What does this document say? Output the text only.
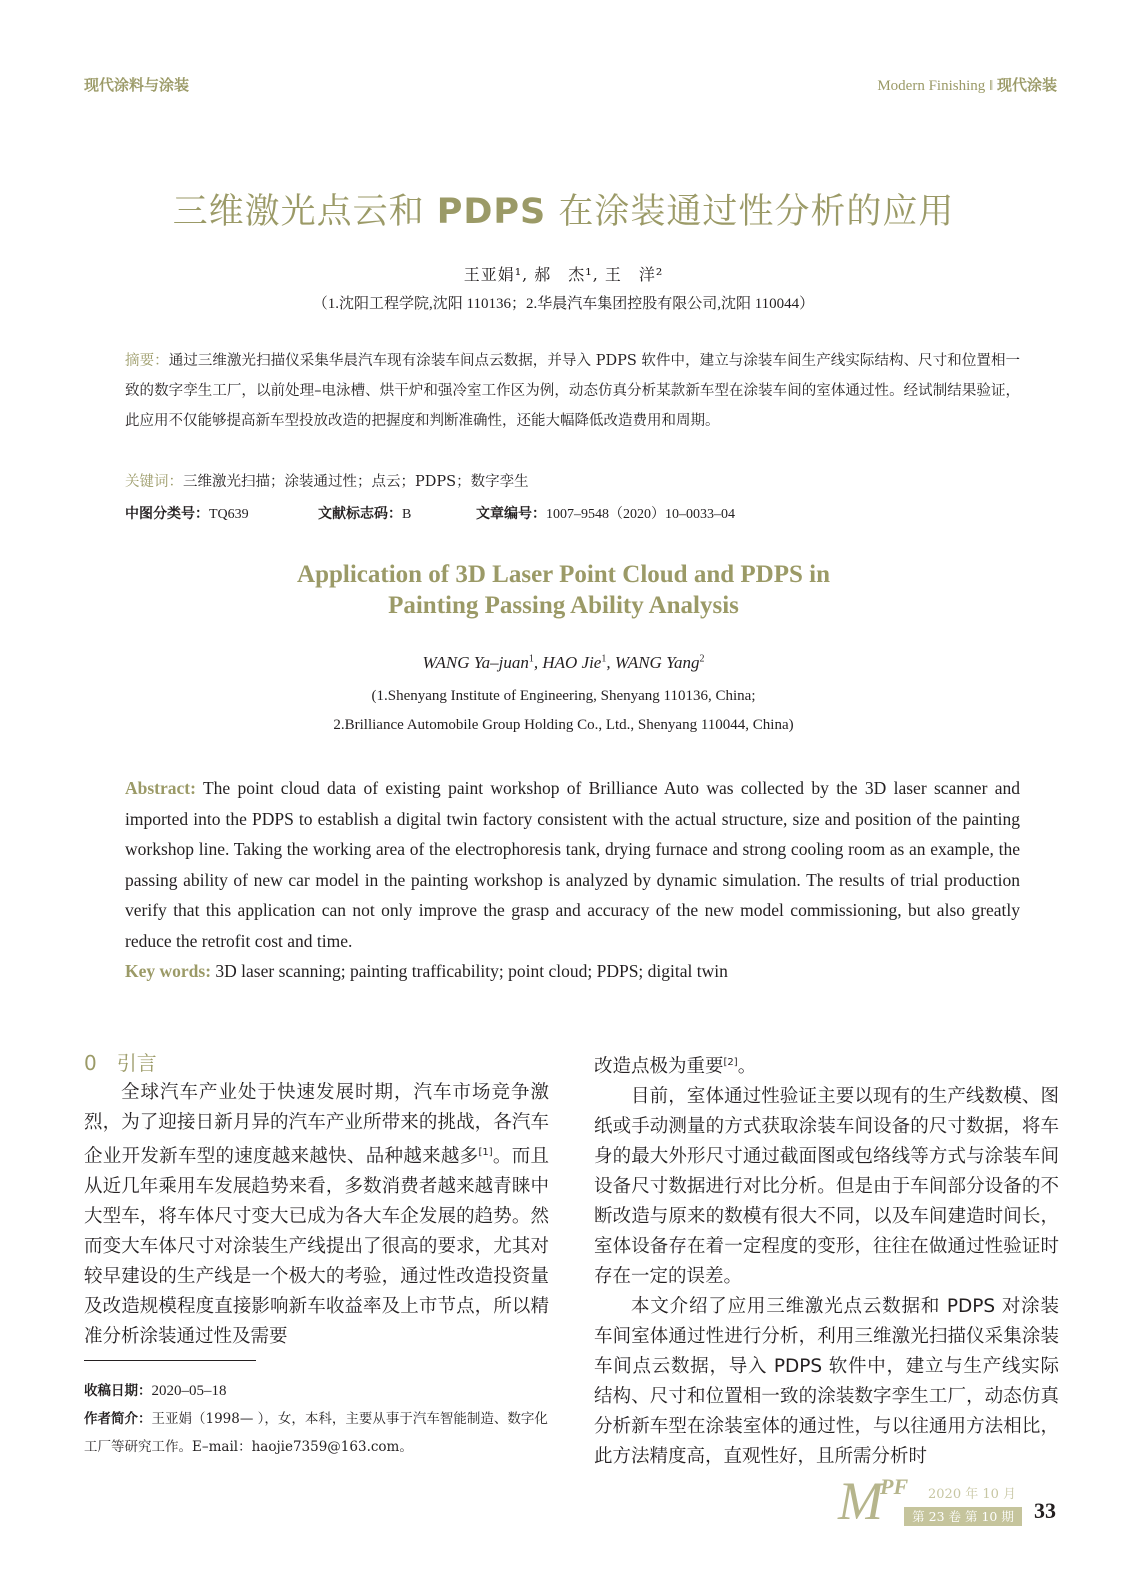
现代涂料与涂装	Modern Finishing ‖ 现代涂装
三维激光点云和 PDPS 在涂装通过性分析的应用
王亚娟¹, 郝　杰¹, 王　洋²
（1.沈阳工程学院,沈阳 110136；2.华晨汽车集团控股有限公司,沈阳 110044）
摘要：通过三维激光扫描仪采集华晨汽车现有涂装车间点云数据，并导入 PDPS 软件中，建立与涂装车间生产线实际结构、尺寸和位置相一致的数字孪生工厂，以前处理–电泳槽、烘干炉和强冷室工作区为例，动态仿真分析某款新车型在涂装车间的室体通过性。经试制结果验证，此应用不仅能够提高新车型投放改造的把握度和判断准确性，还能大幅降低改造费用和周期。
关键词：三维激光扫描；涂装通过性；点云；PDPS；数字孪生
中图分类号：TQ639	文献标志码：B	文章编号：1007–9548（2020）10–0033–04
Application of 3D Laser Point Cloud and PDPS in
Painting Passing Ability Analysis
WANG Ya–juan$^1$, HAO Jie$^1$, WANG Yang$^2$
(1.Shenyang Institute of Engineering, Shenyang 110136, China;
2.Brilliance Automobile Group Holding Co., Ltd., Shenyang 110044, China)
Abstract: The point cloud data of existing paint workshop of Brilliance Auto was collected by the 3D laser scanner and imported into the PDPS to establish a digital twin factory consistent with the actual structure, size and position of the painting workshop line. Taking the working area of the electrophoresis tank, drying furnace and strong cooling room as an example, the passing ability of new car model in the painting workshop is analyzed by dynamic simulation. The results of trial production verify that this application can not only improve the grasp and accuracy of the new model commissioning, but also greatly reduce the retrofit cost and time.
Key words: 3D laser scanning; painting trafficability; point cloud; PDPS; digital twin

0　引言

全球汽车产业处于快速发展时期，汽车市场竞争激烈，为了迎接日新月异的汽车产业所带来的挑战，各汽车企业开发新车型的速度越来越快、品种越来越多[1]。而且从近几年乘用车发展趋势来看，多数消费者越来越青睐中大型车，将车体尺寸变大已成为各大车企发展的趋势。然而变大车体尺寸对涂装生产线提出了很高的要求，尤其对较早建设的生产线是一个极大的考验，通过性改造投资量及改造规模程度直接影响新车收益率及上市节点，所以精准分析涂装通过性及需要

改造点极为重要[2]。

目前，室体通过性验证主要以现有的生产线数模、图纸或手动测量的方式获取涂装车间设备的尺寸数据，将车身的最大外形尺寸通过截面图或包络线等方式与涂装车间设备尺寸数据进行对比分析。但是由于车间部分设备的不断改造与原来的数模有很大不同，以及车间建造时间长，室体设备存在着一定程度的变形，往往在做通过性验证时存在一定的误差。

本文介绍了应用三维激光点云数据和 PDPS 对涂装车间室体通过性进行分析，利用三维激光扫描仪采集涂装车间点云数据，导入 PDPS 软件中，建立与生产线实际结构、尺寸和位置相一致的涂装数字孪生工厂，动态仿真分析新车型在涂装室体的通过性，与以往通用方法相比，此方法精度高，直观性好，且所需分析时

收稿日期：2020–05–18
作者简介：王亚娟（1998— ），女，本科，主要从事于汽车智能制造、数字化工厂等研究工作。E–mail：haojie7359@163.com。
M
PF 2020 年 10 月
第 23 卷 第 10 期 33
